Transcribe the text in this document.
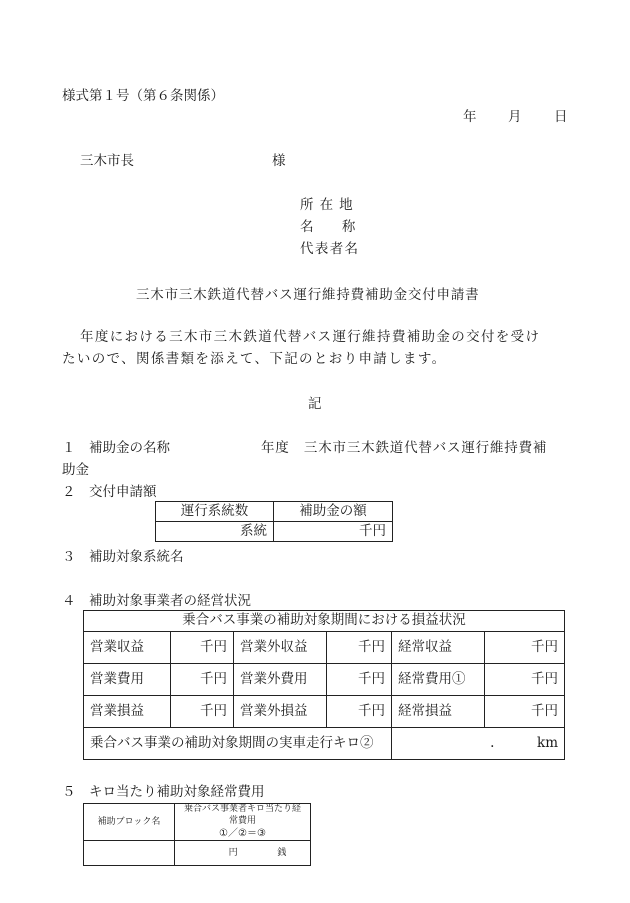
様式第１号（第６条関係）
年 月 日
三木市長	様
所在地
名称
代表者名
三木市三木鉄道代替バス運行維持費補助金交付申請書
年度における三木市三木鉄道代替バス運行維持費補助金の交付を受け
たいので、関係書類を添えて、下記のとおり申請します。
記
１　補助金の名称	年度　三木市三木鉄道代替バス運行維持費補
助金
２　交付申請額
運行系統数	補助金の額
系統	千円
３　補助対象系統名
４　補助対象事業者の経営状況
乗合バス事業の補助対象期間における損益状況					
営業収益	千円	営業外収益	千円	経常収益	千円
営業費用	千円	営業外費用	千円	経常費用①	千円
営業損益	千円	営業外損益	千円	経常損益	千円
乗合バス事業の補助対象期間の実車走行キロ②				. km	
５　キロ当たり補助対象経常費用
補助ブロック名	乗合バス事業者キロ当たり経常費用
①／②＝③

	円 銭
